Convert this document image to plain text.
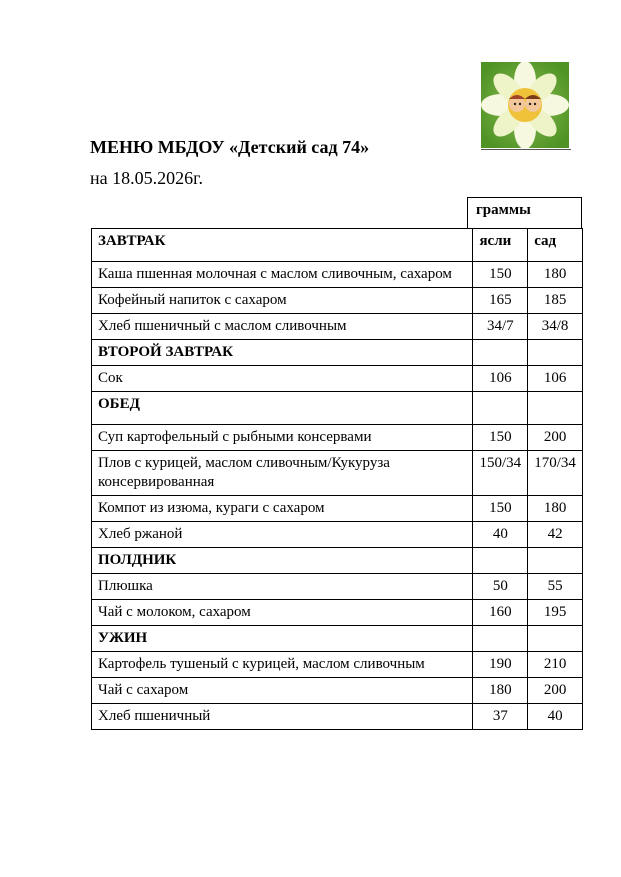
МЕНЮ МБДОУ «Детский сад 74»
на 18.05.2026г.
граммы
ЗАВТРАК	ясли	сад
Каша пшенная молочная с маслом сливочным, сахаром	150	180
Кофейный напиток с сахаром	165	185
Хлеб пшеничный с маслом сливочным	34/7	34/8
ВТОРОЙ ЗАВТРАК		
Сок	106	106
ОБЕД		
Суп картофельный с рыбными консервами	150	200
Плов с курицей, маслом сливочным/Кукуруза консервированная	150/34	170/34
Компот из изюма, кураги с сахаром	150	180
Хлеб ржаной	40	42
ПОЛДНИК		
Плюшка	50	55
Чай с молоком, сахаром	160	195
УЖИН		
Картофель тушеный с курицей, маслом сливочным	190	210
Чай с сахаром	180	200
Хлеб пшеничный	37	40
